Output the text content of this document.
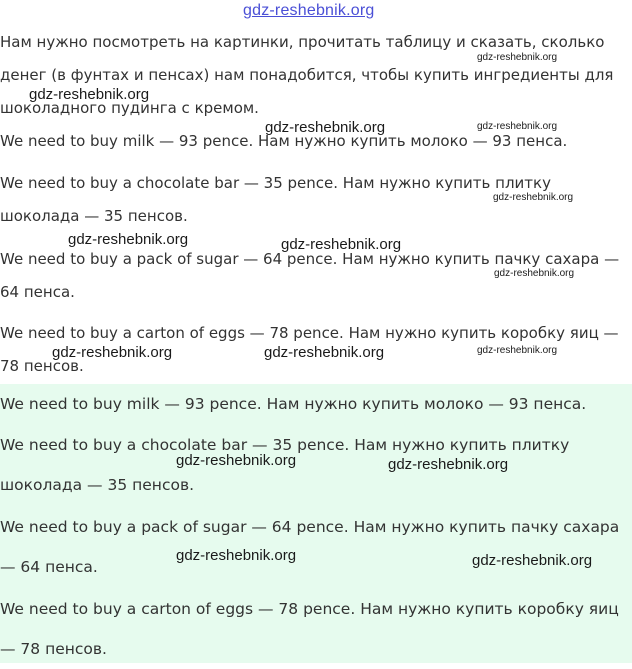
gdz-reshebnik.org

Нам нужно посмотреть на картинки, прочитать таблицу и сказать, сколько денег (в фунтах и пенсах) нам понадобится, чтобы купить ингредиенты для шоколадного пудинга с кремом.

We need to buy milk — 93 pence. Нам нужно купить молоко — 93 пенса.

We need to buy a chocolate bar — 35 pence. Нам нужно купить плитку шоколада — 35 пенсов.

We need to buy a pack of sugar — 64 pence. Нам нужно купить пачку сахара — 64 пенса.

We need to buy a carton of eggs — 78 pence. Нам нужно купить коробку яиц — 78 пенсов.

We need to buy milk — 93 pence. Нам нужно купить молоко — 93 пенса.

We need to buy a chocolate bar — 35 pence. Нам нужно купить плитку шоколада — 35 пенсов.

We need to buy a pack of sugar — 64 pence. Нам нужно купить пачку сахара — 64 пенса.

We need to buy a carton of eggs — 78 pence. Нам нужно купить коробку яиц — 78 пенсов.

gdz-reshebnik.org
gdz-reshebnik.org
gdz-reshebnik.org	gdz-reshebnik.org
gdz-reshebnik.org
gdz-reshebnik.org	gdz-reshebnik.org
gdz-reshebnik.org
gdz-reshebnik.org	gdz-reshebnik.org	gdz-reshebnik.org
gdz-reshebnik.org	gdz-reshebnik.org
gdz-reshebnik.org	gdz-reshebnik.org
